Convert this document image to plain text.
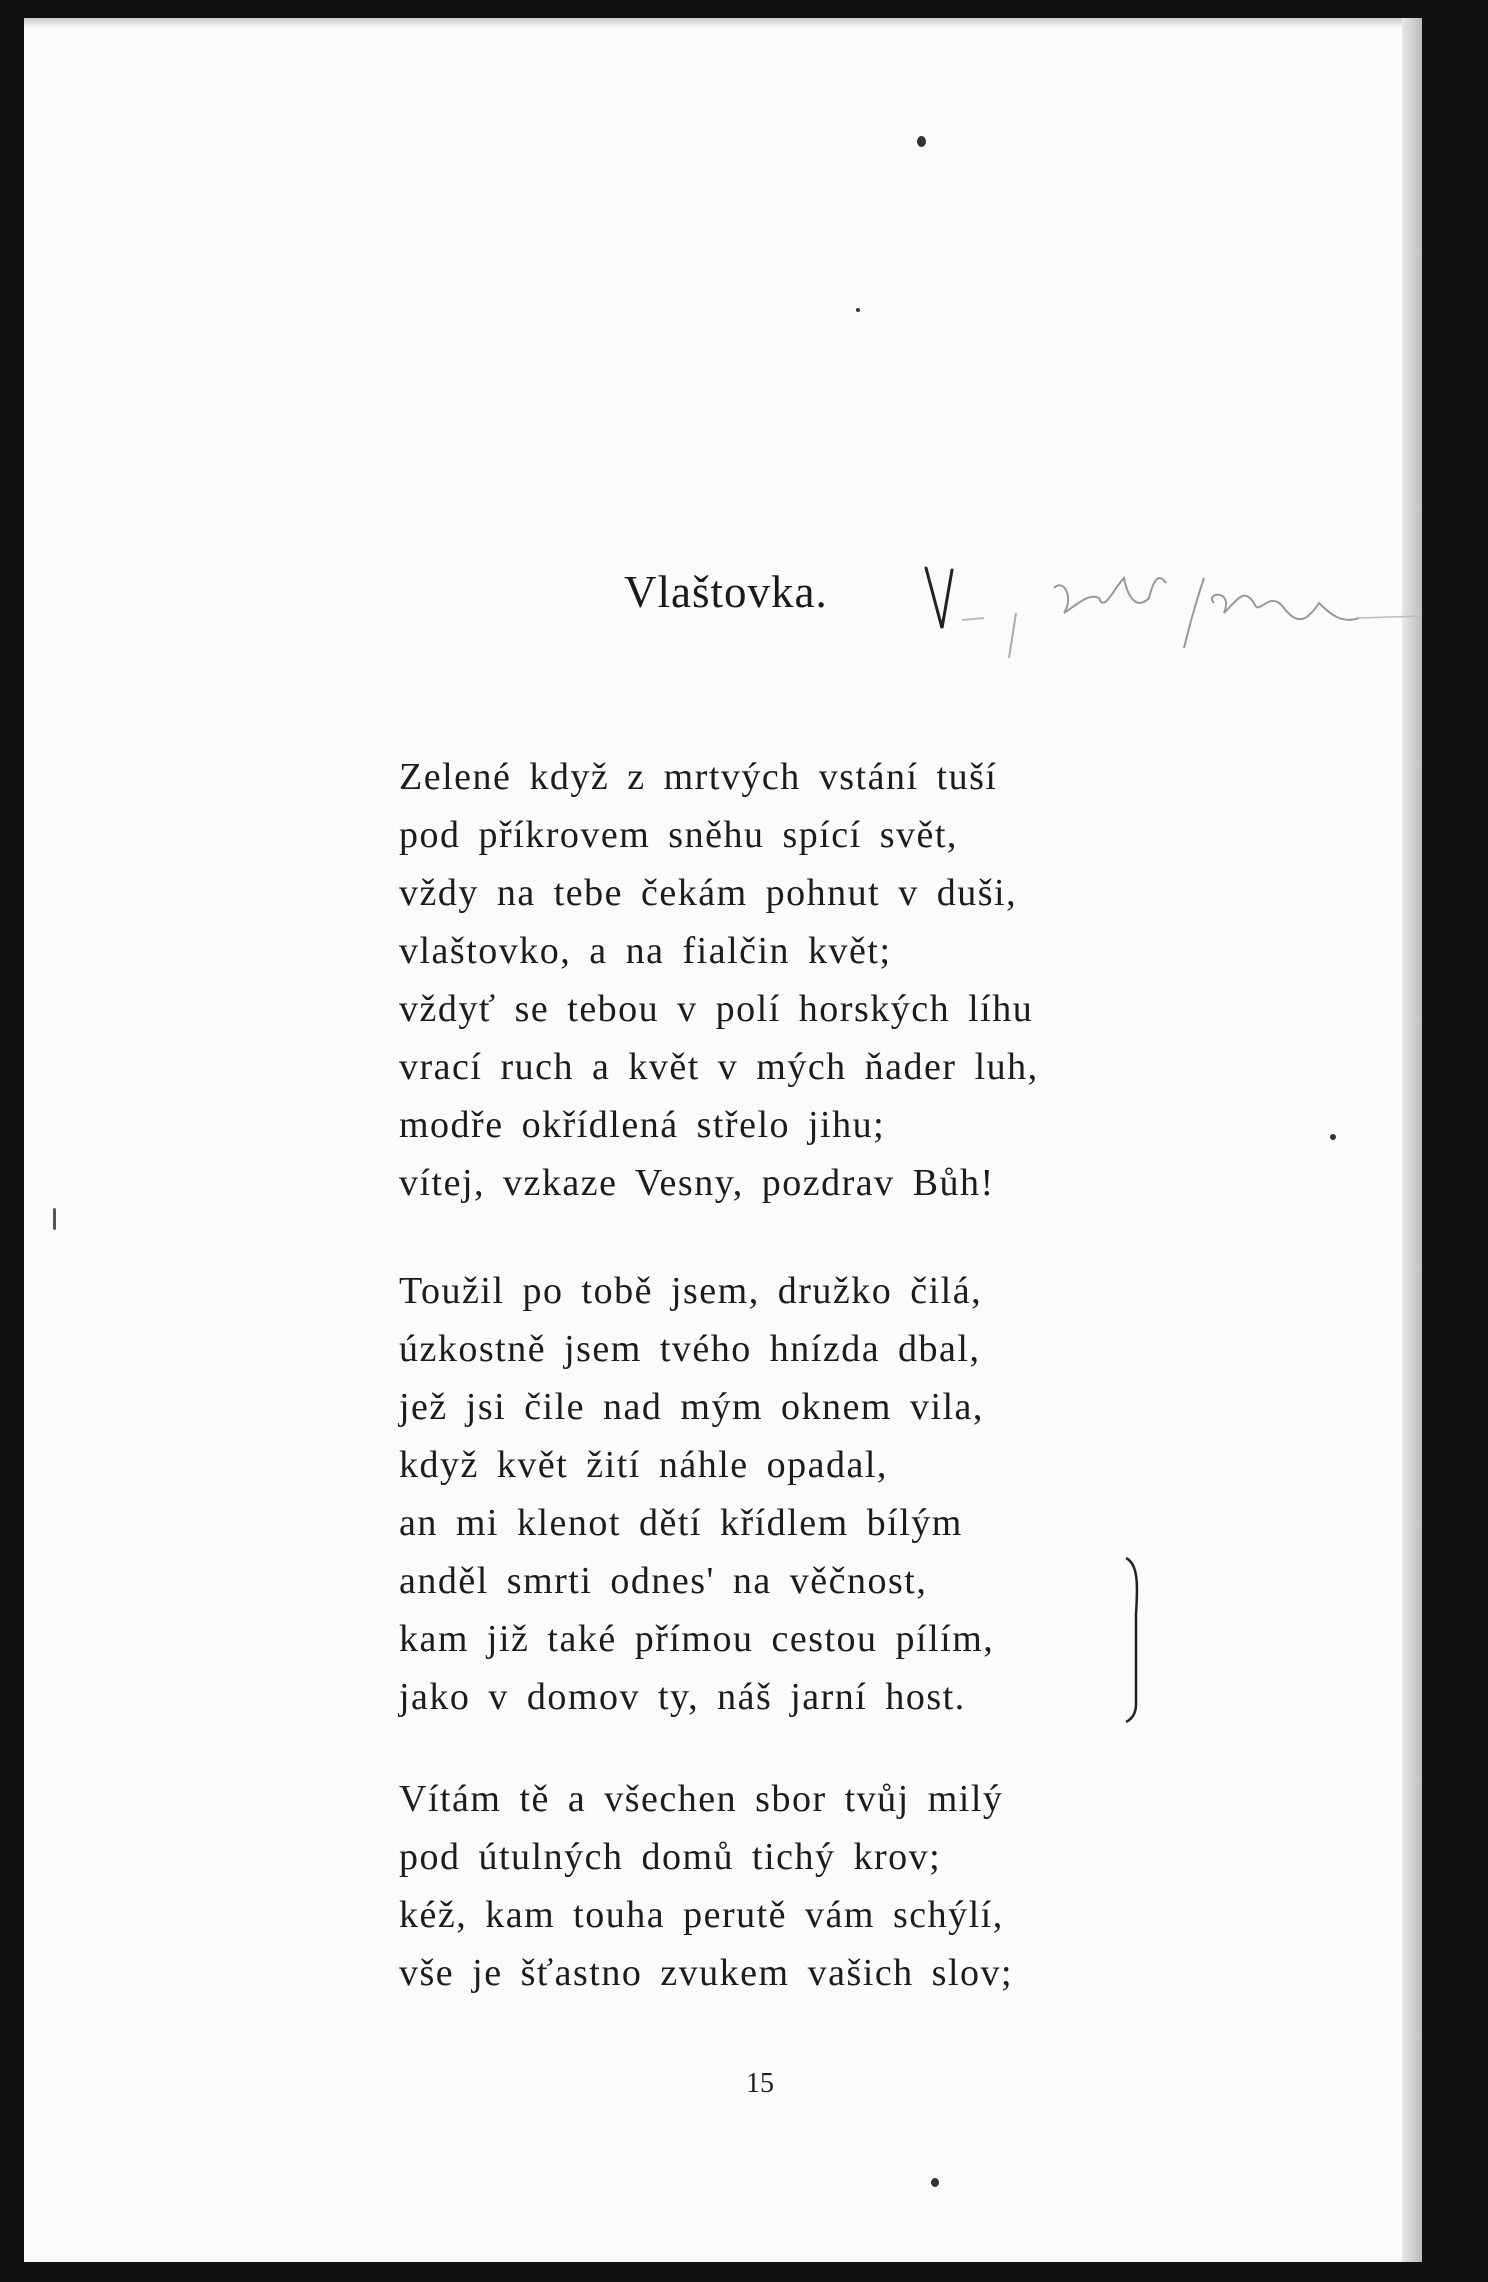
Vlaštovka.
Zelené když z mrtvých vstání tuší
pod příkrovem sněhu spící svět,
vždy na tebe čekám pohnut v duši,
vlaštovko, a na fialčin květ;
vždyť se tebou v polí horských líhu
vrací ruch a květ v mých ňader luh,
modře okřídlená střelo jihu;
vítej, vzkaze Vesny, pozdrav Bůh!
Toužil po tobě jsem, družko čilá,
úzkostně jsem tvého hnízda dbal,
jež jsi čile nad mým oknem vila,
když květ žití náhle opadal,
an mi klenot dětí křídlem bílým
anděl smrti odnes' na věčnost,
kam již také přímou cestou pílím,
jako v domov ty, náš jarní host.
Vítám tě a všechen sbor tvůj milý
pod útulných domů tichý krov;
kéž, kam touha perutě vám schýlí,
vše je šťastno zvukem vašich slov;
15
